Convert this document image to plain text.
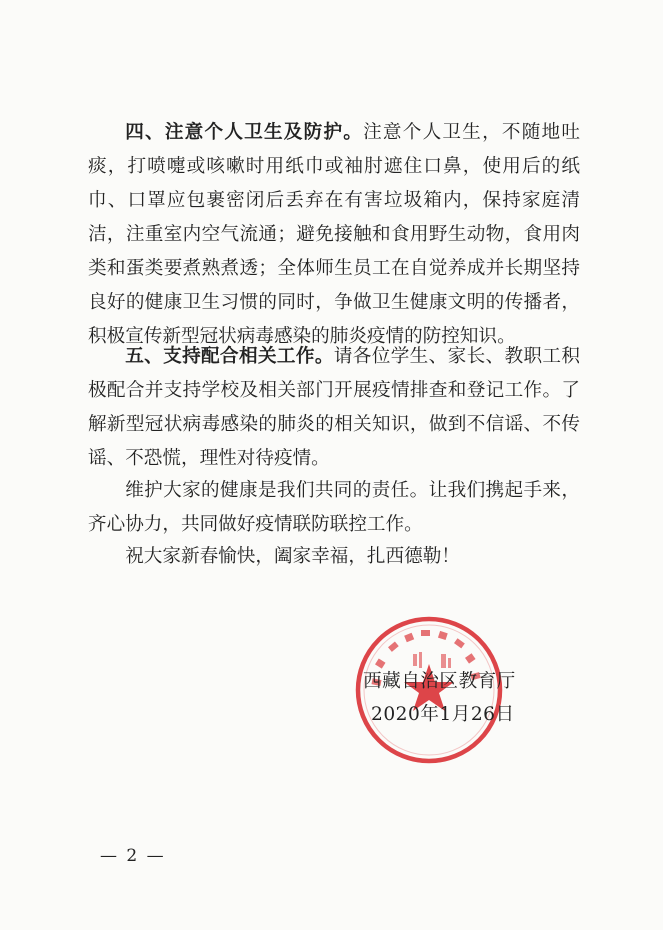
四、注意个人卫生及防护。注意个人卫生，不随地吐痰，打喷嚏或咳嗽时用纸巾或袖肘遮住口鼻，使用后的纸巾、口罩应包裹密闭后丢弃在有害垃圾箱内，保持家庭清洁，注重室内空气流通；避免接触和食用野生动物，食用肉类和蛋类要煮熟煮透；全体师生员工在自觉养成并长期坚持良好的健康卫生习惯的同时，争做卫生健康文明的传播者，积极宣传新型冠状病毒感染的肺炎疫情的防控知识。

五、支持配合相关工作。请各位学生、家长、教职工积极配合并支持学校及相关部门开展疫情排查和登记工作。了解新型冠状病毒感染的肺炎的相关知识，做到不信谣、不传谣、不恐慌，理性对待疫情。

维护大家的健康是我们共同的责任。让我们携起手来，齐心协力，共同做好疫情联防联控工作。

祝大家新春愉快，阖家幸福，扎西德勒！

西藏自治区教育厅
2020年1月26日
— 2 —
